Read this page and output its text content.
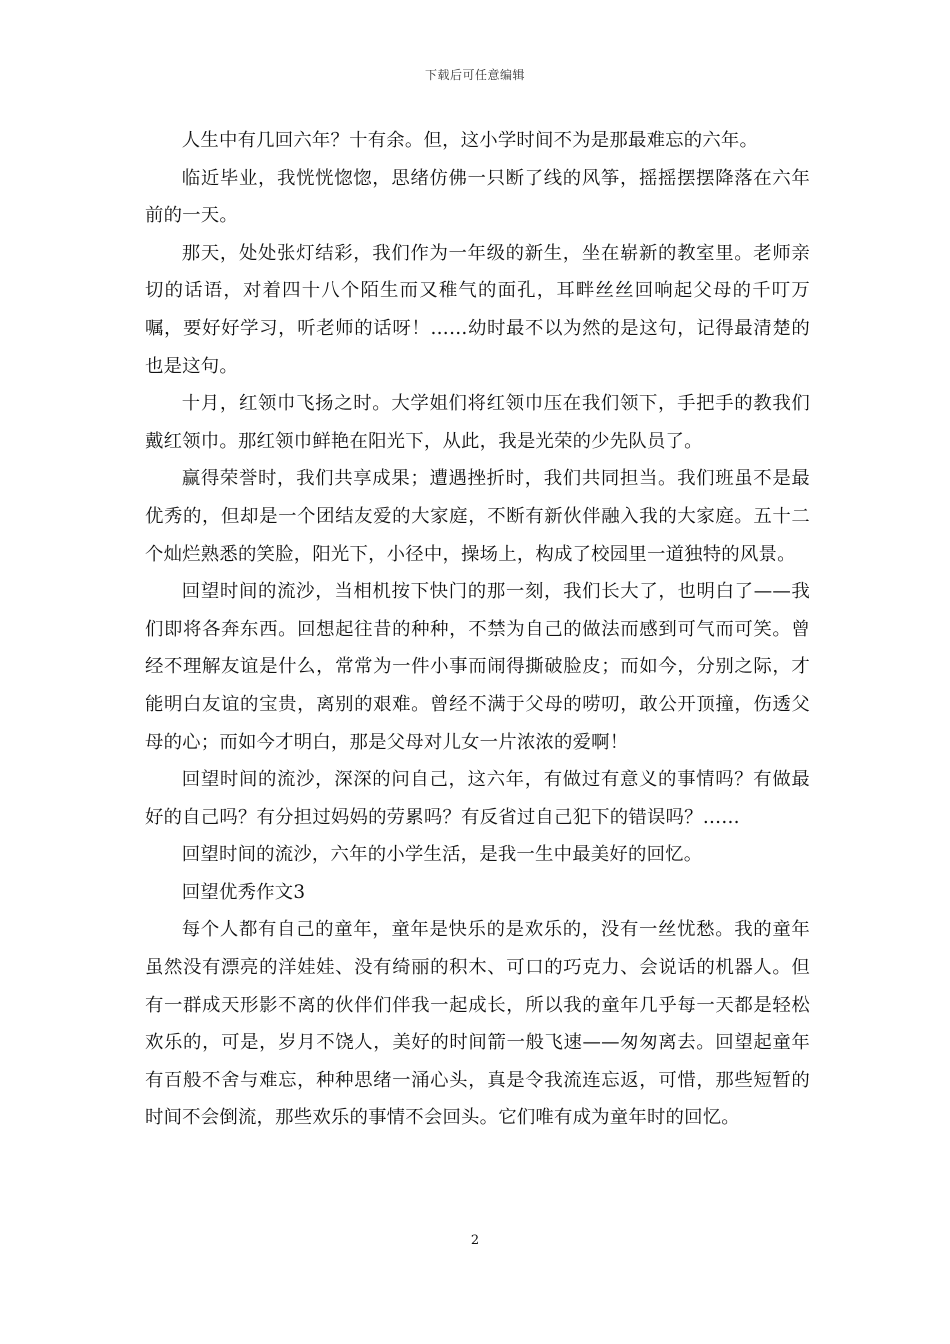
下载后可任意编辑

人生中有几回六年？十有余。但，这小学时间不为是那最难忘的六年。

临近毕业，我恍恍惚惚，思绪仿佛一只断了线的风筝，摇摇摆摆降落在六年前的一天。

那天，处处张灯结彩，我们作为一年级的新生，坐在崭新的教室里。老师亲切的话语，对着四十八个陌生而又稚气的面孔，耳畔丝丝回响起父母的千叮万嘱，要好好学习，听老师的话呀！……幼时最不以为然的是这句，记得最清楚的也是这句。

十月，红领巾飞扬之时。大学姐们将红领巾压在我们领下，手把手的教我们戴红领巾。那红领巾鲜艳在阳光下，从此，我是光荣的少先队员了。

赢得荣誉时，我们共享成果；遭遇挫折时，我们共同担当。我们班虽不是最优秀的，但却是一个团结友爱的大家庭，不断有新伙伴融入我的大家庭。五十二个灿烂熟悉的笑脸，阳光下，小径中，操场上，构成了校园里一道独特的风景。

回望时间的流沙，当相机按下快门的那一刻，我们长大了，也明白了——我们即将各奔东西。回想起往昔的种种，不禁为自己的做法而感到可气而可笑。曾经不理解友谊是什么，常常为一件小事而闹得撕破脸皮；而如今，分别之际，才能明白友谊的宝贵，离别的艰难。曾经不满于父母的唠叨，敢公开顶撞，伤透父母的心；而如今才明白，那是父母对儿女一片浓浓的爱啊！

回望时间的流沙，深深的问自己，这六年，有做过有意义的事情吗？有做最好的自己吗？有分担过妈妈的劳累吗？有反省过自己犯下的错误吗？……

回望时间的流沙，六年的小学生活，是我一生中最美好的回忆。

回望优秀作文3

每个人都有自己的童年，童年是快乐的是欢乐的，没有一丝忧愁。我的童年虽然没有漂亮的洋娃娃、没有绮丽的积木、可口的巧克力、会说话的机器人。但有一群成天形影不离的伙伴们伴我一起成长，所以我的童年几乎每一天都是轻松欢乐的，可是，岁月不饶人，美好的时间箭一般飞速——匆匆离去。回望起童年有百般不舍与难忘，种种思绪一涌心头，真是令我流连忘返，可惜，那些短暂的时间不会倒流，那些欢乐的事情不会回头。它们唯有成为童年时的回忆。

2
